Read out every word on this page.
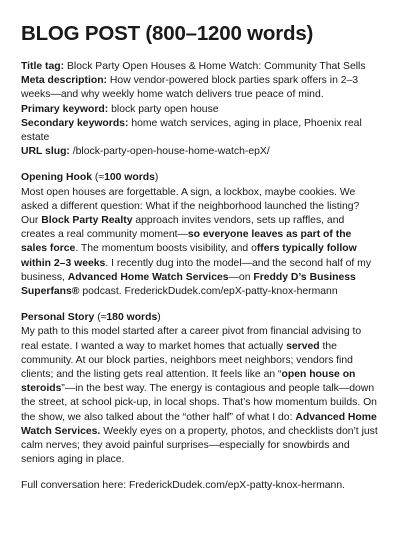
BLOG POST (800–1200 words)

Title tag: Block Party Open Houses & Home Watch: Community That Sells

Meta description: How vendor-powered block parties spark offers in 2–3 weeks—and why weekly home watch delivers true peace of mind.

Primary keyword: block party open house

Secondary keywords: home watch services, aging in place, Phoenix real estate

URL slug: /block-party-open-house-home-watch-epX/

Opening Hook (≈100 words)

Most open houses are forgettable. A sign, a lockbox, maybe cookies. We asked a different question: What if the neighborhood launched the listing? Our Block Party Realty approach invites vendors, sets up raffles, and creates a real community moment—so everyone leaves as part of the sales force. The momentum boosts visibility, and offers typically follow within 2–3 weeks. I recently dug into the model—and the second half of my business, Advanced Home Watch Services—on Freddy D’s Business Superfans® podcast. FrederickDudek.com/epX-patty-knox-hermann

Personal Story (≈180 words)

My path to this model started after a career pivot from financial advising to real estate. I wanted a way to market homes that actually served the community. At our block parties, neighbors meet neighbors; vendors find clients; and the listing gets real attention. It feels like an “open house on steroids”—in the best way. The energy is contagious and people talk—down the street, at school pick-up, in local shops. That’s how momentum builds. On the show, we also talked about the “other half” of what I do: Advanced Home Watch Services. Weekly eyes on a property, photos, and checklists don’t just calm nerves; they avoid painful surprises—especially for snowbirds and seniors aging in place.

Full conversation here: FrederickDudek.com/epX-patty-knox-hermann.
